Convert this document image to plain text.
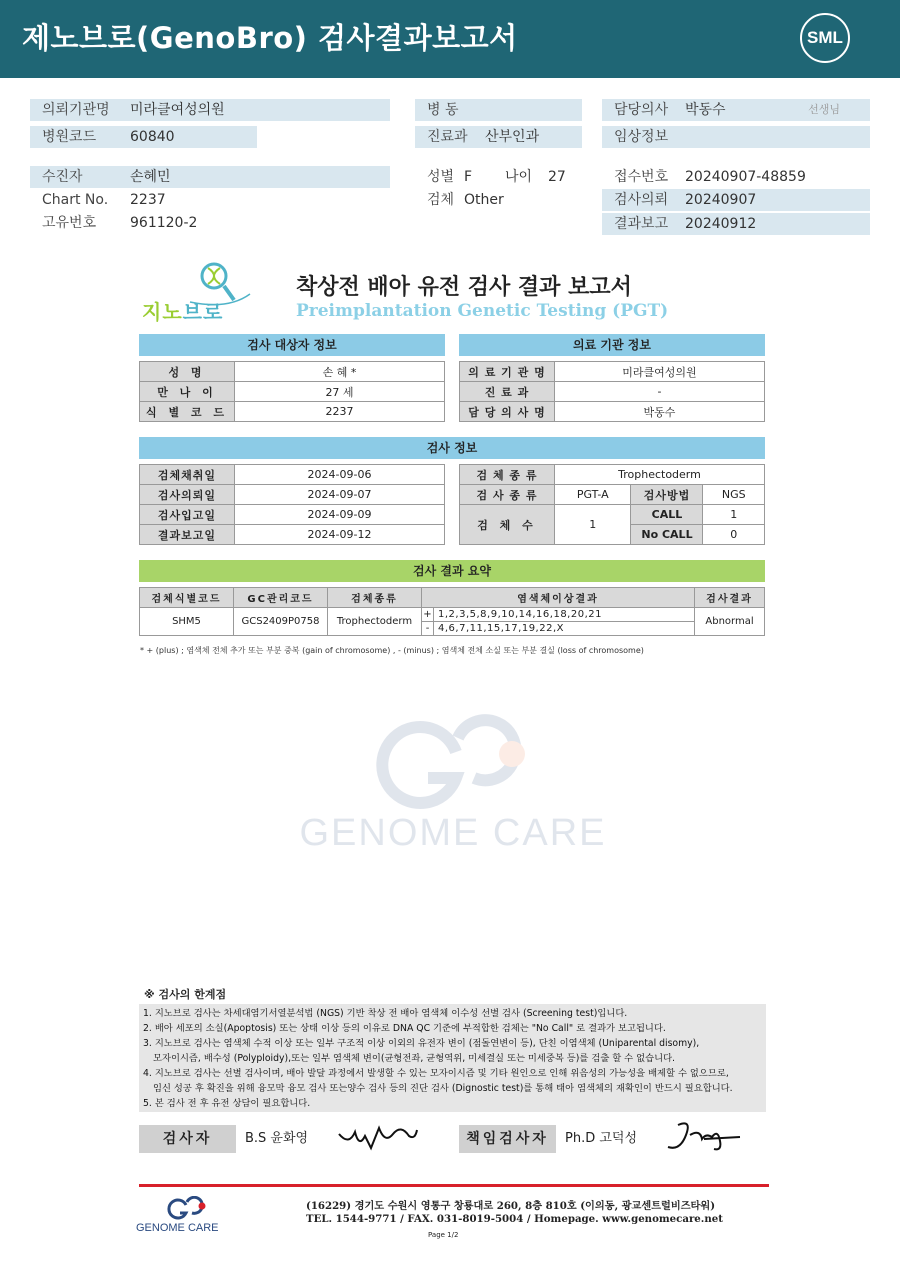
제노브로(GenoBro) 검사결과보고서	SML
의뢰기관명 미라클여성의원
병원코드 60840
병 동
진료과 산부인과
담당의사 박동수	선생님
임상정보
수진자	손혜민
Chart No. 2237
고유번호 961120-2
성별 F 나이 27
검체 Other
접수번호 20240907-48859
검사의뢰 20240907
결과보고 20240912
지노브로
착상전 배아 유전 검사 결과 보고서
Preimplantation Genetic Testing (PGT)
검사 대상자 정보
성 명	손 혜 *
만 나 이	27 세
식 별 코 드	2237
의료 기관 정보
의 료 기 관 명	미라클여성의원
진 료 과	-
담 당 의 사 명	박동수
검사 정보
검체채취일	2024-09-06
검사의뢰일	2024-09-07
검사입고일	2024-09-09
결과보고일	2024-09-12
검 체 종 류	Trophectoderm		
검 사 종 류	PGT-A	검사방법	NGS
검 체 수	1	CALL	1
		No CALL	0
검사 결과 요약
검체식별코드	GC관리코드	검체종류	염색체이상결과		검사결과
SHM5	GCS2409P0758	Trophectoderm	+	1,2,3,5,8,9,10,14,16,18,20,21	Abnormal
			-	4,6,7,11,15,17,19,22,X	
* + (plus) ; 염색체 전체 추가 또는 부분 중복 (gain of chromosome) , - (minus) ; 염색체 전체 소실 또는 부분 결실 (loss of chromosome)
GENOME CARE
※ 검사의 한계점
1. 지노브로 검사는 차세대염기서열분석법 (NGS) 기반 착상 전 배아 염색체 이수성 선별 검사 (Screening test)입니다.
2. 배아 세포의 소실(Apoptosis) 또는 상태 이상 등의 이유로 DNA QC 기준에 부적합한 검체는 "No Call" 로 결과가 보고됩니다.
3. 지노브로 검사는 염색체 수적 이상 또는 일부 구조적 이상 이외의 유전자 변이 (점돌연변이 등), 단친 이염색체 (Uniparental disomy),
모자이시즘, 배수성 (Polyploidy),또는 일부 염색체 변이(균형전좌, 균형역위, 미세결실 또는 미세중복 등)를 검출 할 수 없습니다.
4. 지노브로 검사는 선별 검사이며, 배아 발달 과정에서 발생할 수 있는 모자이시즘 및 기타 원인으로 인해 위음성의 가능성을 배제할 수 없으므로,
임신 성공 후 확진을 위해 융모막 융모 검사 또는양수 검사 등의 진단 검사 (Dignostic test)를 통해 태아 염색체의 재확인이 반드시 필요합니다.
5. 본 검사 전 후 유전 상담이 필요합니다.
검사자	B.S 윤화영	책임검사자	Ph.D 고덕성
GENOME CARE
(16229) 경기도 수원시 영통구 창룡대로 260, 8층 810호 (이의동, 광교센트럴비즈타워)
TEL. 1544-9771 / FAX. 031-8019-5004 / Homepage. www.genomecare.net
Page 1/2
